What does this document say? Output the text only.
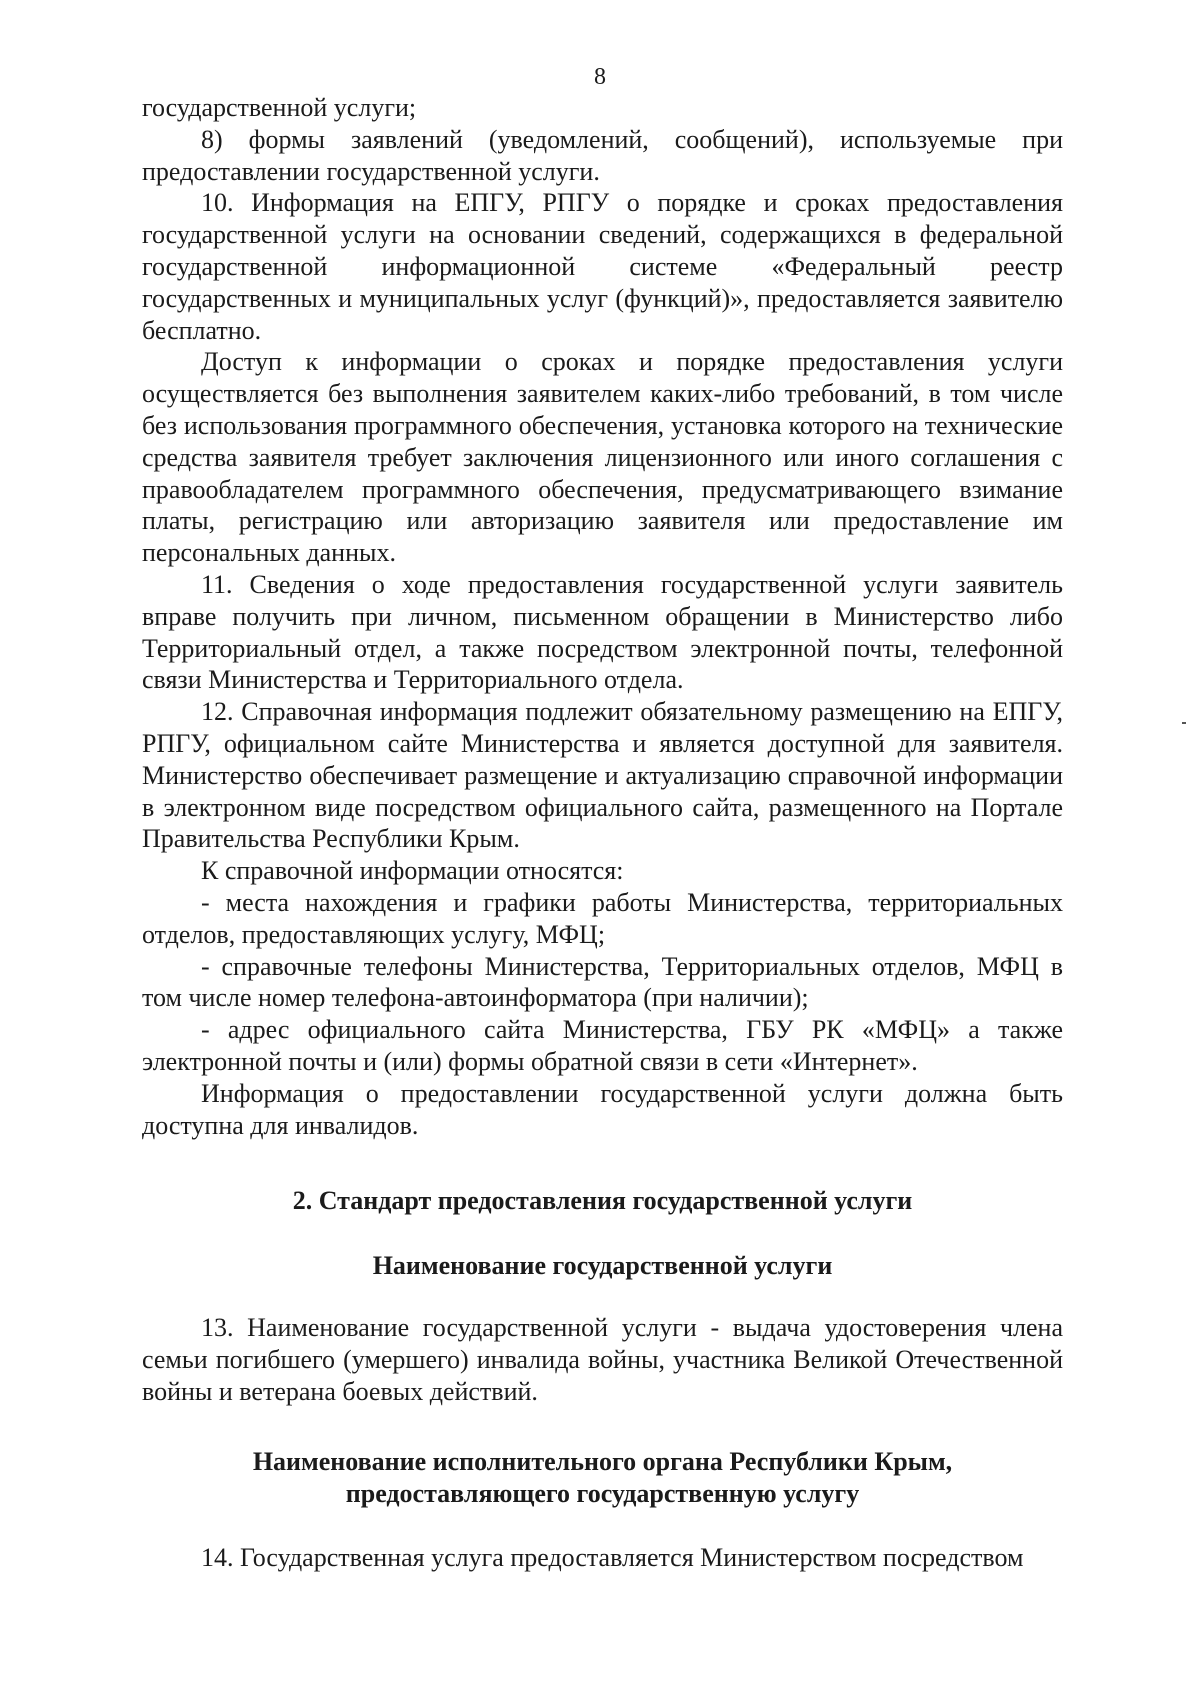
8

государственной услуги;

8) формы заявлений (уведомлений, сообщений), используемые при предоставлении государственной услуги.

10. Информация на ЕПГУ, РПГУ о порядке и сроках предоставления государственной услуги на основании сведений, содержащихся в федеральной государственной информационной системе «Федеральный реестр государственных и муниципальных услуг (функций)», предоставляется заявителю бесплатно.

Доступ к информации о сроках и порядке предоставления услуги осуществляется без выполнения заявителем каких-либо требований, в том числе без использования программного обеспечения, установка которого на технические средства заявителя требует заключения лицензионного или иного соглашения с правообладателем программного обеспечения, предусматривающего взимание платы, регистрацию или авторизацию заявителя или предоставление им персональных данных.

11. Сведения о ходе предоставления государственной услуги заявитель вправе получить при личном, письменном обращении в Министерство либо Территориальный отдел, а также посредством электронной почты, телефонной связи Министерства и Территориального отдела.

12. Справочная информация подлежит обязательному размещению на ЕПГУ, РПГУ, официальном сайте Министерства и является доступной для заявителя. Министерство обеспечивает размещение и актуализацию справочной информации в электронном виде посредством официального сайта, размещенного на Портале Правительства Республики Крым.

К справочной информации относятся:

- места нахождения и графики работы Министерства, территориальных отделов, предоставляющих услугу, МФЦ;

- справочные телефоны Министерства, Территориальных отделов, МФЦ в том числе номер телефона-автоинформатора (при наличии);

- адрес официального сайта Министерства, ГБУ РК «МФЦ» а также электронной почты и (или) формы обратной связи в сети «Интернет».

Информация о предоставлении государственной услуги должна быть доступна для инвалидов.

2. Стандарт предоставления государственной услуги
Наименование государственной услуги

13. Наименование государственной услуги - выдача удостоверения члена семьи погибшего (умершего) инвалида войны, участника Великой Отечественной войны и ветерана боевых действий.

Наименование исполнительного органа Республики Крым,
предоставляющего государственную услугу

14. Государственная услуга предоставляется Министерством посредством
